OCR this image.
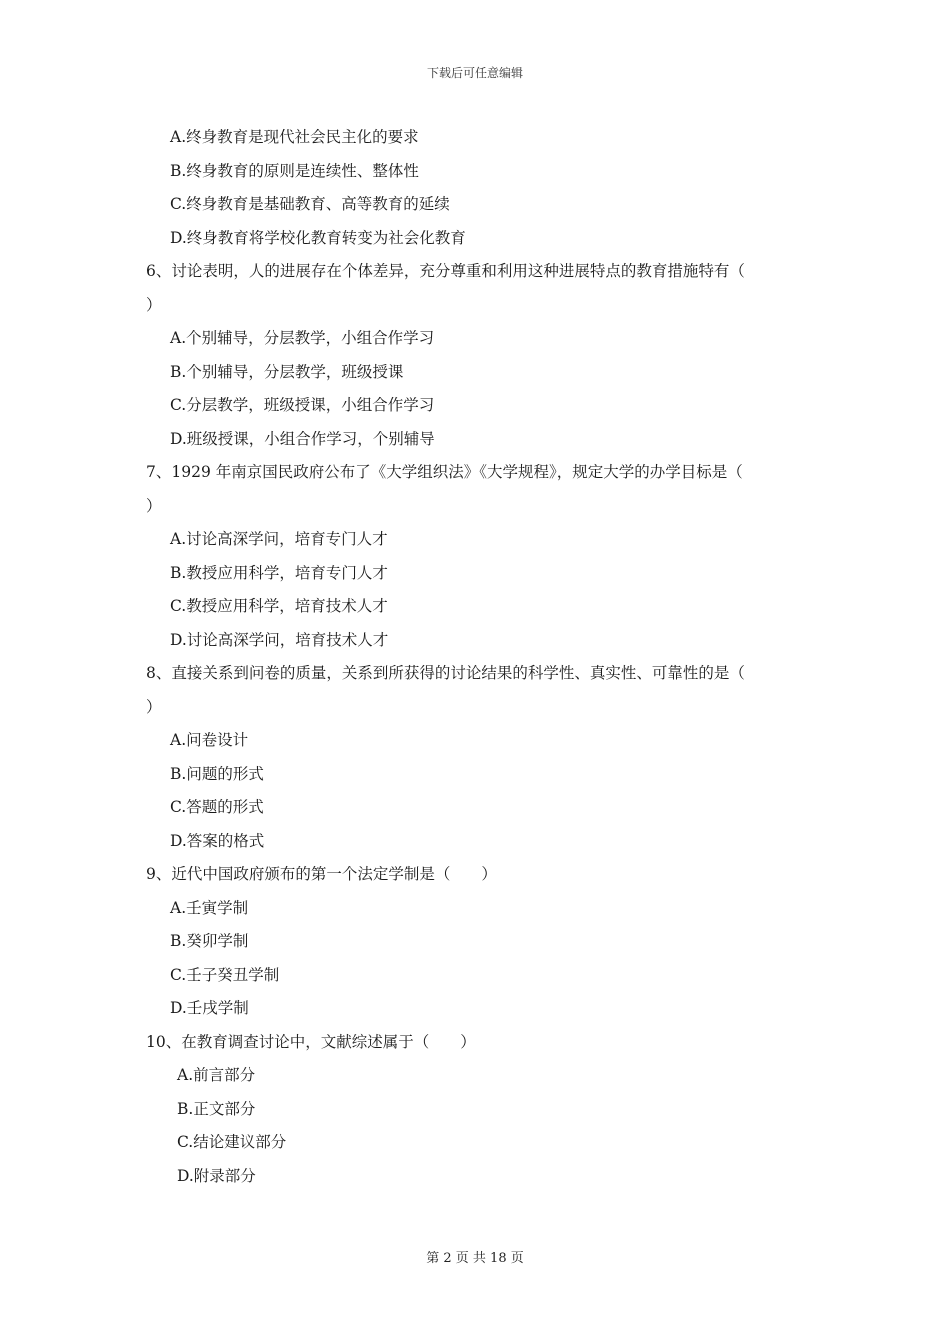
下载后可任意编辑
A.终身教育是现代社会民主化的要求
B.终身教育的原则是连续性、整体性
C.终身教育是基础教育、高等教育的延续
D.终身教育将学校化教育转变为社会化教育
6、讨论表明，人的进展存在个体差异，充分尊重和利用这种进展特点的教育措施特有（
）
A.个别辅导，分层教学，小组合作学习
B.个别辅导，分层教学，班级授课
C.分层教学，班级授课，小组合作学习
D.班级授课，小组合作学习，个别辅导
7、1929 年南京国民政府公布了《大学组织法》《大学规程》，规定大学的办学目标是（
）
A.讨论高深学问，培育专门人才
B.教授应用科学，培育专门人才
C.教授应用科学，培育技术人才
D.讨论高深学问，培育技术人才
8、直接关系到问卷的质量，关系到所获得的讨论结果的科学性、真实性、可靠性的是（
）
A.问卷设计
B.问题的形式
C.答题的形式
D.答案的格式
9、近代中国政府颁布的第一个法定学制是（　　）
A.壬寅学制
B.癸卯学制
C.壬子癸丑学制
D.壬戌学制
10、在教育调查讨论中，文献综述属于（　　）
A.前言部分
B.正文部分
C.结论建议部分
D.附录部分
第 2 页 共 18 页
